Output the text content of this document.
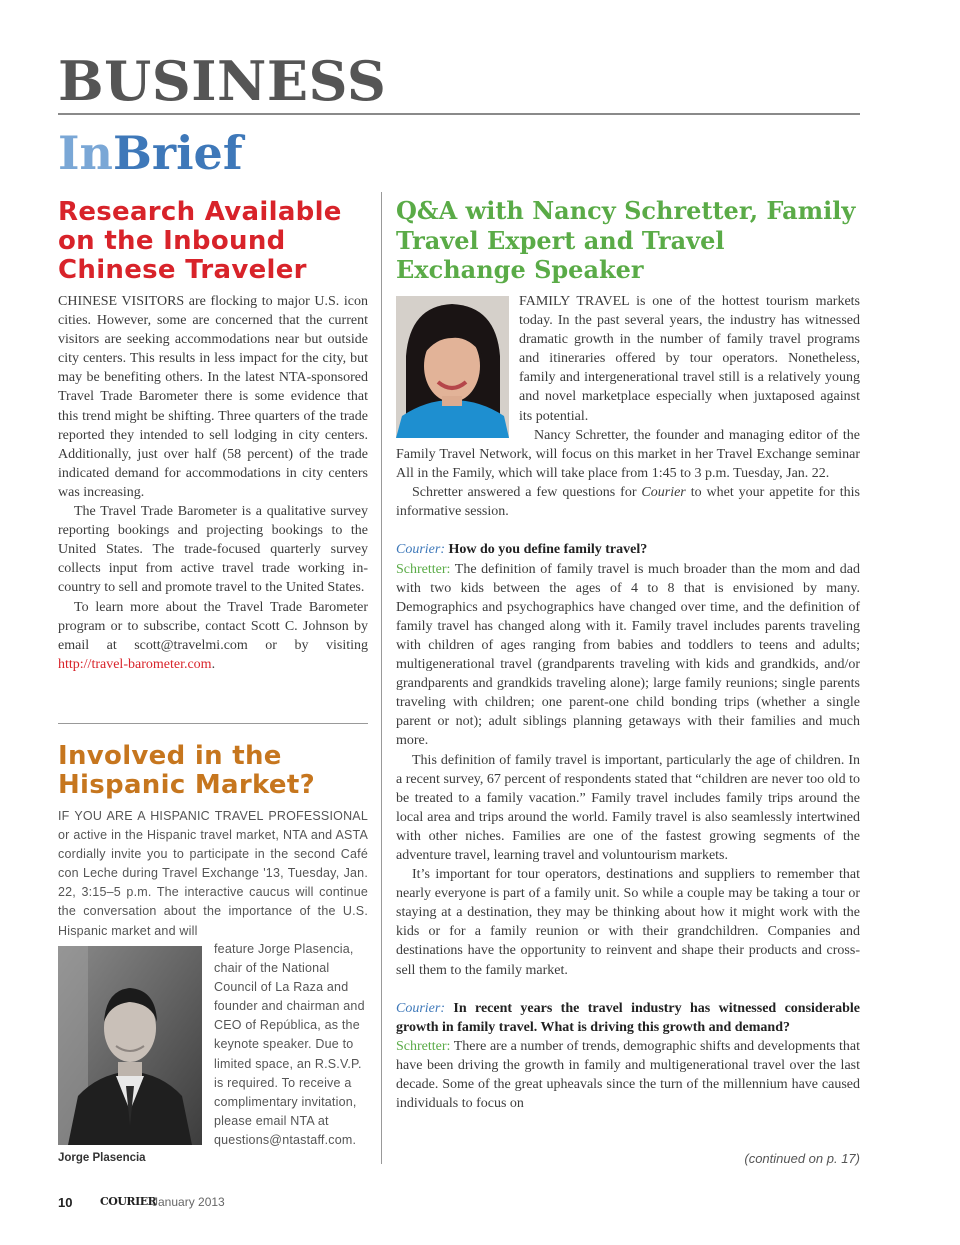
BUSINESS
InBrief
Research Available on the Inbound Chinese Traveler

CHINESE VISITORS are flocking to major U.S. icon cities. However, some are concerned that the current visitors are seeking accommodations near but outside city centers. This results in less impact for the city, but may be benefiting others. In the latest NTA-sponsored Travel Trade Barometer there is some evidence that this trend might be shifting. Three quarters of the trade reported they intended to sell lodging in city centers. Additionally, just over half (58 percent) of the trade indicated demand for accommodations in city centers was increasing.

The Travel Trade Barometer is a qualitative survey reporting bookings and projecting bookings to the United States. The trade-focused quarterly survey collects input from active travel trade working in-country to sell and promote travel to the United States.

To learn more about the Travel Trade Barometer program or to subscribe, contact Scott C. Johnson by email at scott@travelmi.com or by visiting http://travel-barometer.com.

Involved in the Hispanic Market?

IF YOU ARE A HISPANIC TRAVEL PROFESSIONAL or active in the Hispanic travel market, NTA and ASTA cordially invite you to participate in the second Café con Leche during Travel Exchange '13, Tuesday, Jan. 22, 3:15–5 p.m. The interactive caucus will continue the conversation about the importance of the U.S. Hispanic market and will

feature Jorge Plasencia, chair of the National Council of La Raza and founder and chairman and CEO of República, as the keynote speaker. Due to limited space, an R.S.V.P. is required. To receive a complimentary invitation, please email NTA at questions@ntastaff.com.

Jorge Plasencia
Q&A with Nancy Schretter, Family Travel Expert and Travel Exchange Speaker

FAMILY TRAVEL is one of the hottest tourism markets today. In the past several years, the industry has witnessed dramatic growth in the number of family travel programs and itineraries offered by tour operators. Nonetheless, family and intergenerational travel still is a relatively young and novel marketplace especially when juxtaposed against its potential.

Nancy Schretter, the founder and managing editor of the Family Travel Network, will focus on this market in her Travel Exchange seminar All in the Family, which will take place from 1:45 to 3 p.m. Tuesday, Jan. 22.

Schretter answered a few questions for Courier to whet your appetite for this informative session.

Courier: How do you define family travel?

Schretter: The definition of family travel is much broader than the mom and dad with two kids between the ages of 4 to 8 that is envisioned by many. Demographics and psychographics have changed over time, and the definition of family travel has changed along with it. Family travel includes parents traveling with children of ages ranging from babies and toddlers to teens and adults; multigenerational travel (grandparents traveling with kids and grandkids, and/or grandparents and grandkids traveling alone); large family reunions; single parents traveling with children; one parent-one child bonding trips (whether a single parent or not); adult siblings planning getaways with their families and much more.

This definition of family travel is important, particularly the age of children. In a recent survey, 67 percent of respondents stated that “children are never too old to be treated to a family vacation.” Family travel includes family trips around the local area and trips around the world. Family travel is also seamlessly intertwined with other niches. Families are one of the fastest growing segments of the adventure travel, learning travel and voluntourism markets.

It’s important for tour operators, destinations and suppliers to remember that nearly everyone is part of a family unit. So while a couple may be taking a tour or staying at a destination, they may be thinking about how it might work with the kids or for a family reunion or with their grandchildren. Companies and destinations have the opportunity to reinvent and shape their products and cross-sell them to the family market.

Courier: In recent years the travel industry has witnessed considerable growth in family travel. What is driving this growth and demand?

Schretter: There are a number of trends, demographic shifts and developments that have been driving the growth in family and multigenerational travel over the last decade. Some of the great upheavals since the turn of the millennium have caused individuals to focus on

(continued on p. 17)
10	COURIER
January 2013
